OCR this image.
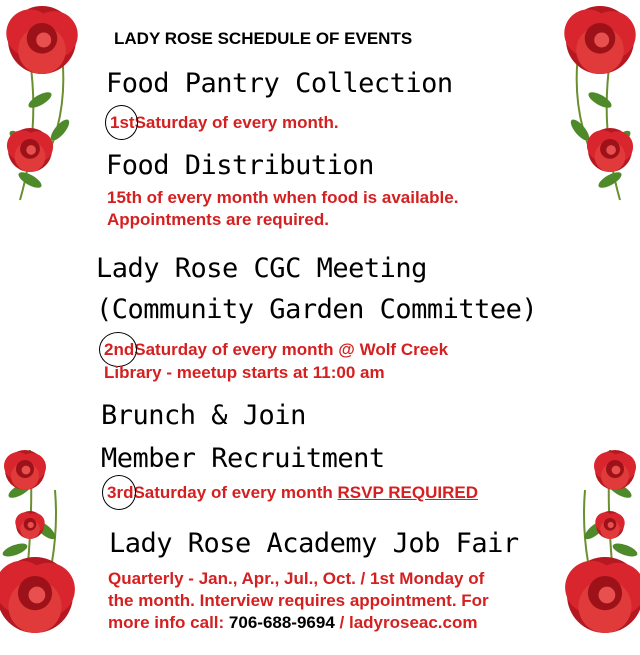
LADY ROSE SCHEDULE OF EVENTS
Food Pantry Collection
1stSaturday of every month.
Food Distribution
15th of every month when food is available.
Appointments are required.
Lady Rose CGC Meeting
(Community Garden Committee)
2ndSaturday of every month @ Wolf Creek
Library - meetup starts at 11:00 am
Brunch & Join
Member Recruitment
3rdSaturday of every month RSVP REQUIRED
Lady Rose Academy Job Fair
Quarterly - Jan., Apr., Jul., Oct. / 1st Monday of
the month. Interview requires appointment. For
more info call: 706-688-9694 / ladyroseac.com
